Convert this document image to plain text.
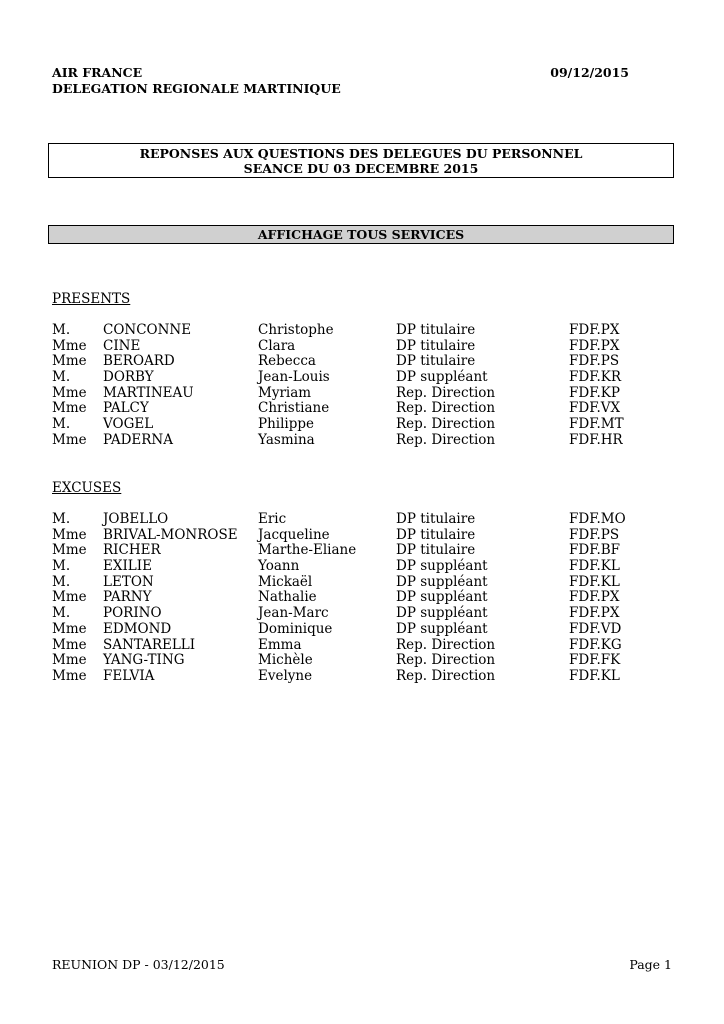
AIR FRANCE
DELEGATION REGIONALE MARTINIQUE
09/12/2015
REPONSES AUX QUESTIONS DES DELEGUES DU PERSONNEL
SEANCE DU 03 DECEMBRE 2015
AFFICHAGE TOUS SERVICES
PRESENTS
M. CONCONNE	Christophe	DP titulaire	FDF.PX
Mme CINE	Clara	DP titulaire	FDF.PX
Mme BEROARD	Rebecca	DP titulaire	FDF.PS
M. DORBY	Jean-Louis	DP suppléant	FDF.KR
Mme MARTINEAU	Myriam	Rep. Direction	FDF.KP
Mme PALCY	Christiane	Rep. Direction	FDF.VX
M. VOGEL	Philippe	Rep. Direction	FDF.MT
Mme PADERNA	Yasmina	Rep. Direction	FDF.HR
EXCUSES
M. JOBELLO	Eric	DP titulaire	FDF.MO
Mme BRIVAL-MONROSE Jacqueline	DP titulaire	FDF.PS
Mme RICHER	Marthe-Eliane	DP titulaire	FDF.BF
M. EXILIE	Yoann	DP suppléant	FDF.KL
M. LETON	Mickaël	DP suppléant	FDF.KL
Mme PARNY	Nathalie	DP suppléant	FDF.PX
M. PORINO	Jean-Marc	DP suppléant	FDF.PX
Mme EDMOND	Dominique	DP suppléant	FDF.VD
Mme SANTARELLI	Emma	Rep. Direction	FDF.KG
Mme YANG-TING	Michèle	Rep. Direction	FDF.FK
Mme FELVIA	Evelyne	Rep. Direction	FDF.KL
REUNION DP - 03/12/2015	Page 1
